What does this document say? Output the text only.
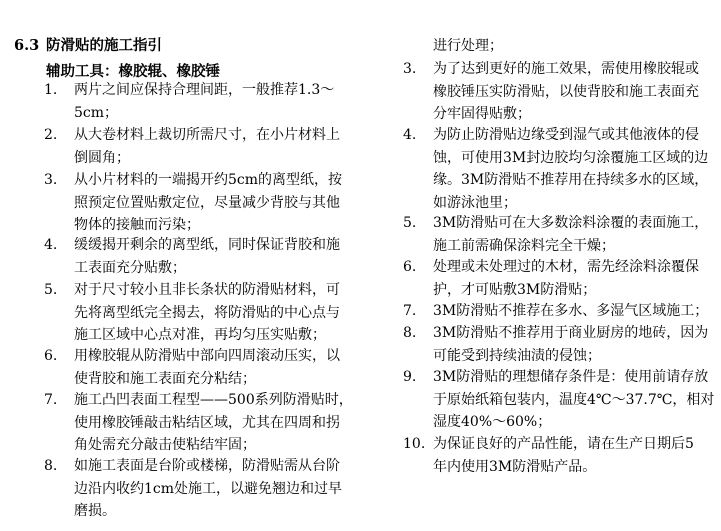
6.3 防滑贴的施工指引
辅助工具：橡胶辊、橡胶锤
1. 两片之间应保持合理间距，一般推荐1.3～
5cm；
2. 从大卷材料上裁切所需尺寸，在小片材料上
倒圆角；
3. 从小片材料的一端揭开约5cm的离型纸，按
照预定位置贴敷定位，尽量减少背胶与其他
物体的接触而污染；
4. 缓缓揭开剩余的离型纸，同时保证背胶和施
工表面充分贴敷；
5. 对于尺寸较小且非长条状的防滑贴材料，可
先将离型纸完全揭去，将防滑贴的中心点与
施工区域中心点对准，再均匀压实贴敷；
6. 用橡胶辊从防滑贴中部向四周滚动压实，以
使背胶和施工表面充分粘结；
7. 施工凸凹表面工程型——500系列防滑贴时，
使用橡胶锤敲击粘结区域，尤其在四周和拐
角处需充分敲击使粘结牢固；
8. 如施工表面是台阶或楼梯，防滑贴需从台阶
边沿内收约1cm处施工，以避免翘边和过早
磨损。
进行处理；
3. 为了达到更好的施工效果，需使用橡胶辊或
橡胶锤压实防滑贴，以使背胶和施工表面充
分牢固得贴敷；
4. 为防止防滑贴边缘受到湿气或其他液体的侵
蚀，可使用3M封边胶均匀涂覆施工区域的边
缘。3M防滑贴不推荐用在持续多水的区域，
如游泳池里；
5. 3M防滑贴可在大多数涂料涂覆的表面施工，
施工前需确保涂料完全干燥；
6. 处理或未处理过的木材，需先经涂料涂覆保
护，才可贴敷3M防滑贴；
7. 3M防滑贴不推荐在多水、多湿气区域施工；
8. 3M防滑贴不推荐用于商业厨房的地砖，因为
可能受到持续油渍的侵蚀；
9. 3M防滑贴的理想储存条件是：使用前请存放
于原始纸箱包装内，温度4℃～37.7℃，相对
湿度40%～60%；
10. 为保证良好的产品性能，请在生产日期后5
年内使用3M防滑贴产品。
